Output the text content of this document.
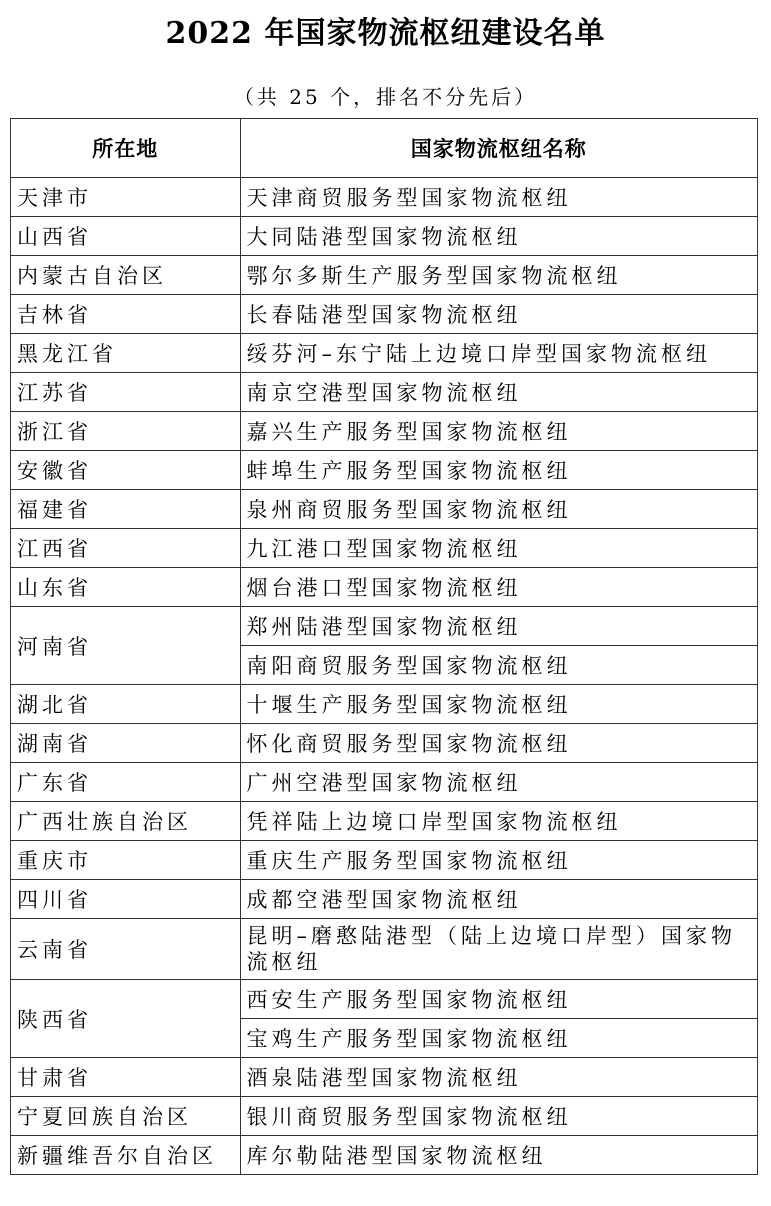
2022 年国家物流枢纽建设名单
（共 25 个，排名不分先后）
所在地	国家物流枢纽名称
天津市	天津商贸服务型国家物流枢纽
山西省	大同陆港型国家物流枢纽
内蒙古自治区	鄂尔多斯生产服务型国家物流枢纽
吉林省	长春陆港型国家物流枢纽
黑龙江省	绥芬河–东宁陆上边境口岸型国家物流枢纽
江苏省	南京空港型国家物流枢纽
浙江省	嘉兴生产服务型国家物流枢纽
安徽省	蚌埠生产服务型国家物流枢纽
福建省	泉州商贸服务型国家物流枢纽
江西省	九江港口型国家物流枢纽
山东省	烟台港口型国家物流枢纽
河南省	郑州陆港型国家物流枢纽
	南阳商贸服务型国家物流枢纽
湖北省	十堰生产服务型国家物流枢纽
湖南省	怀化商贸服务型国家物流枢纽
广东省	广州空港型国家物流枢纽
广西壮族自治区	凭祥陆上边境口岸型国家物流枢纽
重庆市	重庆生产服务型国家物流枢纽
四川省	成都空港型国家物流枢纽
云南省	昆明–磨憨陆港型（陆上边境口岸型）国家物流枢纽
陕西省	西安生产服务型国家物流枢纽
	宝鸡生产服务型国家物流枢纽
甘肃省	酒泉陆港型国家物流枢纽
宁夏回族自治区	银川商贸服务型国家物流枢纽
新疆维吾尔自治区	库尔勒陆港型国家物流枢纽
